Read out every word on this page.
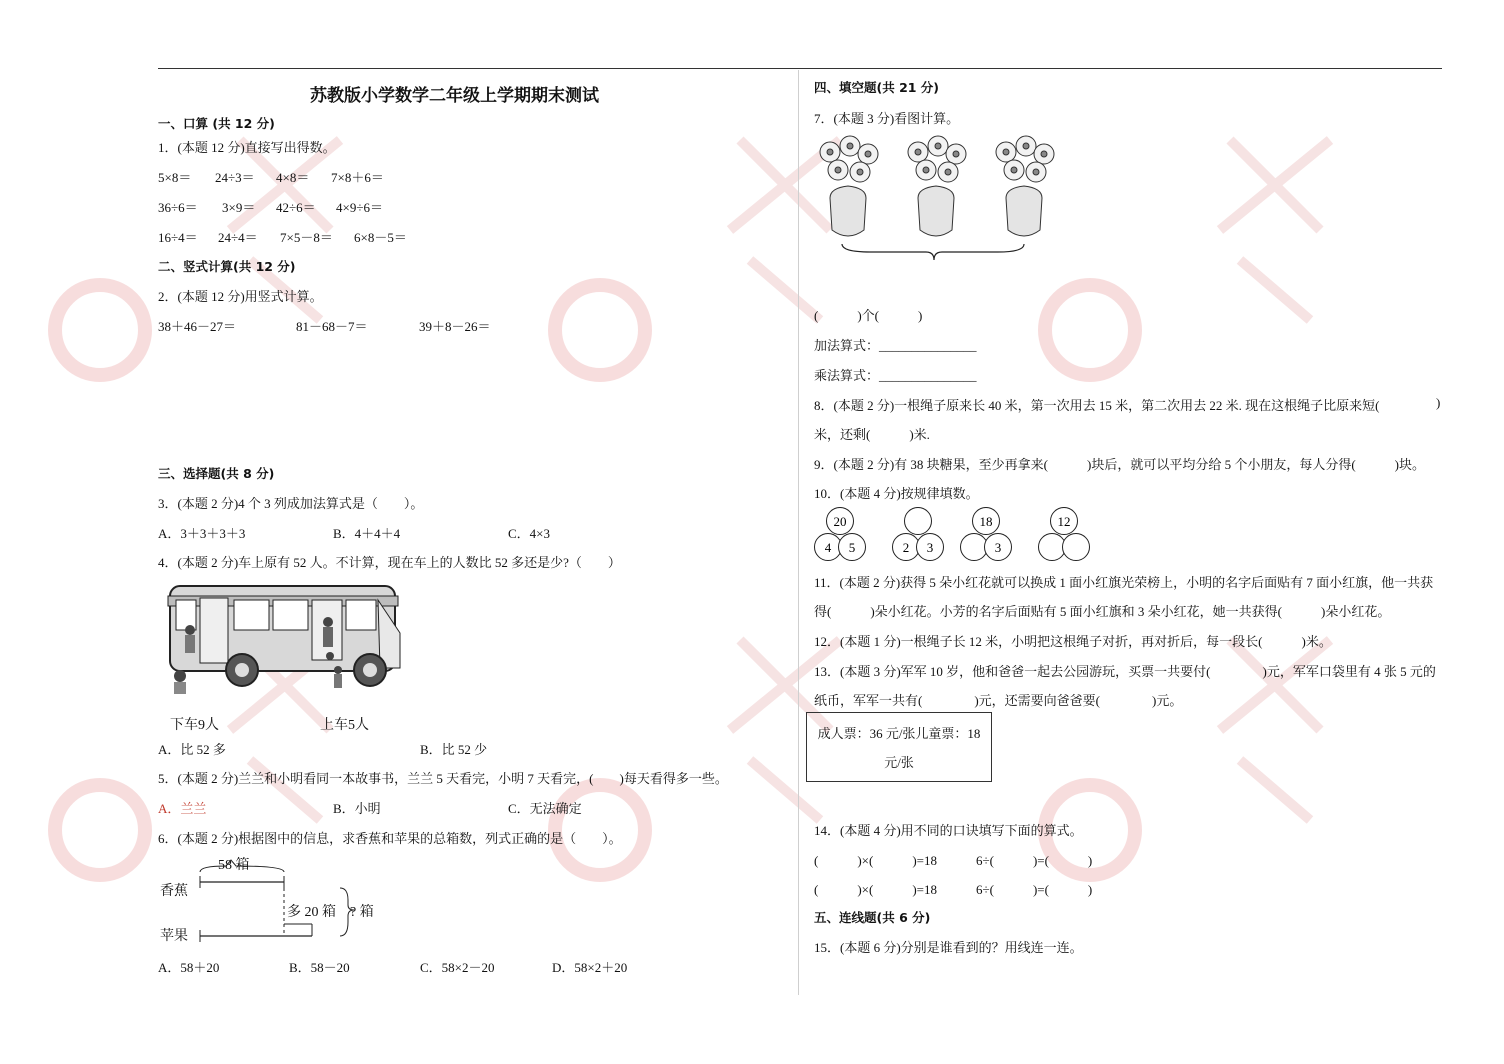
苏教版小学数学二年级上学期期末测试
一、口算 (共 12 分)
1．(本题 12 分)直接写出得数。
5×8＝ 24÷3＝ 4×8＝ 7×8＋6＝
36÷6＝ 3×9＝ 42÷6＝ 4×9÷6＝
16÷4＝ 24÷4＝ 7×5－8＝ 6×8－5＝
二、竖式计算(共 12 分)
2．(本题 12 分)用竖式计算。
38＋46－27＝	81－68－7＝	39＋8－26＝
三、选择题(共 8 分)
3．(本题 2 分)4 个 3 列成加法算式是（　　）。
A．3＋3＋3＋3	B．4＋4＋4	C．4×3
4．(本题 2 分)车上原有 52 人。不计算，现在车上的人数比 52 多还是少?（　　）
下车9人	上车5人
A．比 52 多	B．比 52 少
5．(本题 2 分)兰兰和小明看同一本故事书，兰兰 5 天看完，小明 7 天看完，(　　)每天看得多一些。
A．兰兰	B．小明	C．无法确定
6．(本题 2 分)根据图中的信息，求香蕉和苹果的总箱数，列式正确的是（　　）。
58 箱
香蕉
苹果
多 20 箱 ? 箱
A．58＋20	B．58－20	C．58×2－20	D．58×2＋20
四、填空题(共 21 分)
7．(本题 3 分)看图计算。
(　　　)个(　　　)
加法算式：_______________
乘法算式：_______________
8．(本题 2 分)一根绳子原来长 40 米，第一次用去 15 米，第二次用去 22 米. 现在这根绳子比原来短(	)
米，还剩(　　　)米.
9．(本题 2 分)有 38 块糖果，至少再拿来(　　　)块后，就可以平均分给 5 个小朋友，每人分得(　　　)块。
10．(本题 4 分)按规律填数。
20
4 5	2 3
18
3
12
11．(本题 2 分)获得 5 朵小红花就可以换成 1 面小红旗光荣榜上，小明的名字后面贴有 7 面小红旗，他一共获
得(　　　)朵小红花。小芳的名字后面贴有 5 面小红旗和 3 朵小红花，她一共获得(　　　)朵小红花。
12．(本题 1 分)一根绳子长 12 米，小明把这根绳子对折，再对折后，每一段长(　　　)米。
13．(本题 3 分)军军 10 岁，他和爸爸一起去公园游玩，买票一共要付(　　　　)元，军军口袋里有 4 张 5 元的
纸币，军军一共有(　　　　)元，还需要向爸爸要(　　　　)元。
成人票：36 元/张儿童票：18
元/张
14．(本题 4 分)用不同的口诀填写下面的算式。
(　　　)×(　　　)=18　　　6÷(　　　)=(　　　)
(　　　)×(　　　)=18　　　6÷(　　　)=(　　　)
五、连线题(共 6 分)
15．(本题 6 分)分别是谁看到的？用线连一连。
